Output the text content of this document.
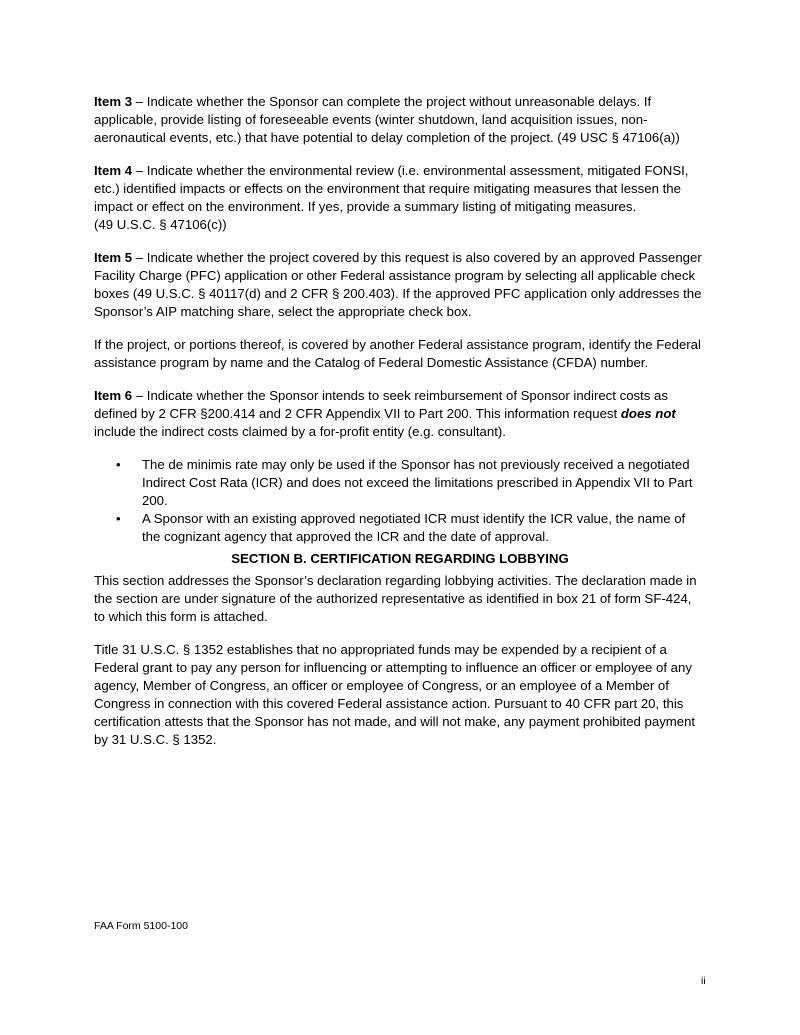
Item 3 – Indicate whether the Sponsor can complete the project without unreasonable delays. If applicable, provide listing of foreseeable events (winter shutdown, land acquisition issues, non-aeronautical events, etc.) that have potential to delay completion of the project. (49 USC § 47106(a))

Item 4 – Indicate whether the environmental review (i.e. environmental assessment, mitigated FONSI, etc.) identified impacts or effects on the environment that require mitigating measures that lessen the impact or effect on the environment. If yes, provide a summary listing of mitigating measures.
(49 U.S.C. § 47106(c))

Item 5 – Indicate whether the project covered by this request is also covered by an approved Passenger Facility Charge (PFC) application or other Federal assistance program by selecting all applicable check boxes (49 U.S.C. § 40117(d) and 2 CFR § 200.403). If the approved PFC application only addresses the Sponsor’s AIP matching share, select the appropriate check box.

If the project, or portions thereof, is covered by another Federal assistance program, identify the Federal assistance program by name and the Catalog of Federal Domestic Assistance (CFDA) number.

Item 6 – Indicate whether the Sponsor intends to seek reimbursement of Sponsor indirect costs as defined by 2 CFR §200.414 and 2 CFR Appendix VII to Part 200. This information request does not include the indirect costs claimed by a for-profit entity (e.g. consultant).

• The de minimis rate may only be used if the Sponsor has not previously received a negotiated Indirect Cost Rata (ICR) and does not exceed the limitations prescribed in Appendix VII to Part 200.
• A Sponsor with an existing approved negotiated ICR must identify the ICR value, the name of the cognizant agency that approved the ICR and the date of approval.

SECTION B. CERTIFICATION REGARDING LOBBYING

This section addresses the Sponsor’s declaration regarding lobbying activities. The declaration made in the section are under signature of the authorized representative as identified in box 21 of form SF-424, to which this form is attached.

Title 31 U.S.C. § 1352 establishes that no appropriated funds may be expended by a recipient of a Federal grant to pay any person for influencing or attempting to influence an officer or employee of any agency, Member of Congress, an officer or employee of Congress, or an employee of a Member of Congress in connection with this covered Federal assistance action. Pursuant to 40 CFR part 20, this certification attests that the Sponsor has not made, and will not make, any payment prohibited payment by 31 U.S.C. § 1352.

FAA Form 5100-100
ii
